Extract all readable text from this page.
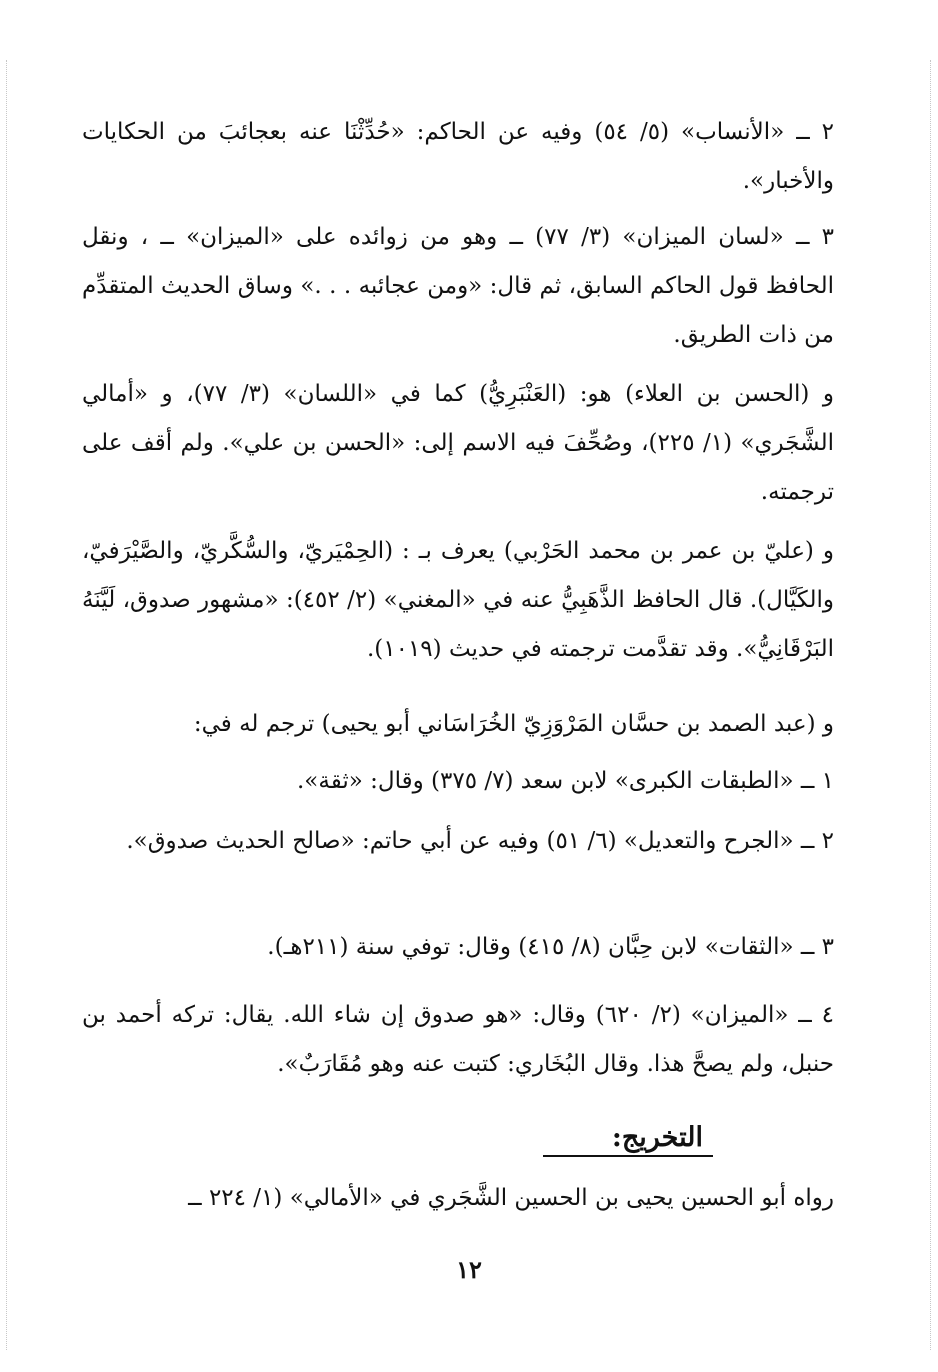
٢ ــ «الأنساب» (٥/ ٥٤) وفيه عن الحاكم: «حُدِّثْنَا عنه بعجائبَ من الحكايات والأخبار».

٣ ــ «لسان الميزان» (٣/ ٧٧) ــ وهو من زوائده على «الميزان» ــ ، ونقل الحافظ قول الحاكم السابق، ثم قال: «ومن عجائبه . . .» وساق الحديث المتقدِّم من ذات الطريق.

و (الحسن بن العلاء) هو: (العَنْبَرِيُّ) كما في «اللسان» (٣/ ٧٧)، و «أمالي الشَّجَري» (١/ ٢٢٥)، وصُحِّفَ فيه الاسم إلى: «الحسن بن علي». ولم أقف على ترجمته.

و (عليّ بن عمر بن محمد الحَرْبي) يعرف بـ : (الحِمْيَريّ، والسُّكَّريّ، والصَّيْرَفيّ، والكَيَّال). قال الحافظ الذَّهَبِيُّ عنه في «المغني» (٢/ ٤٥٢): «مشهور صدوق، لَيَّنَهُ البَرْقَانِيُّ». وقد تقدَّمت ترجمته في حديث (١٠١٩).

و (عبد الصمد بن حسَّان المَرْوَزِيّ الخُرَاسَاني أبو يحيى) ترجم له في:

١ ــ «الطبقات الكبرى» لابن سعد (٧/ ٣٧٥) وقال: «ثقة».

٢ ــ «الجرح والتعديل» (٦/ ٥١) وفيه عن أبي حاتم: «صالح الحديث صدوق».

٣ ــ «الثقات» لابن حِبَّان (٨/ ٤١٥) وقال: توفي سنة (٢١١هـ).

٤ ــ «الميزان» (٢/ ٦٢٠) وقال: «هو صدوق إن شاء الله. يقال: تركه أحمد بن حنبل، ولم يصحَّ هذا. وقال البُخَاري: كتبت عنه وهو مُقَارَبٌ».

التخريج:

رواه أبو الحسين يحيى بن الحسين الشَّجَري في «الأمالي» (١/ ٢٢٤ ــ

١٢
